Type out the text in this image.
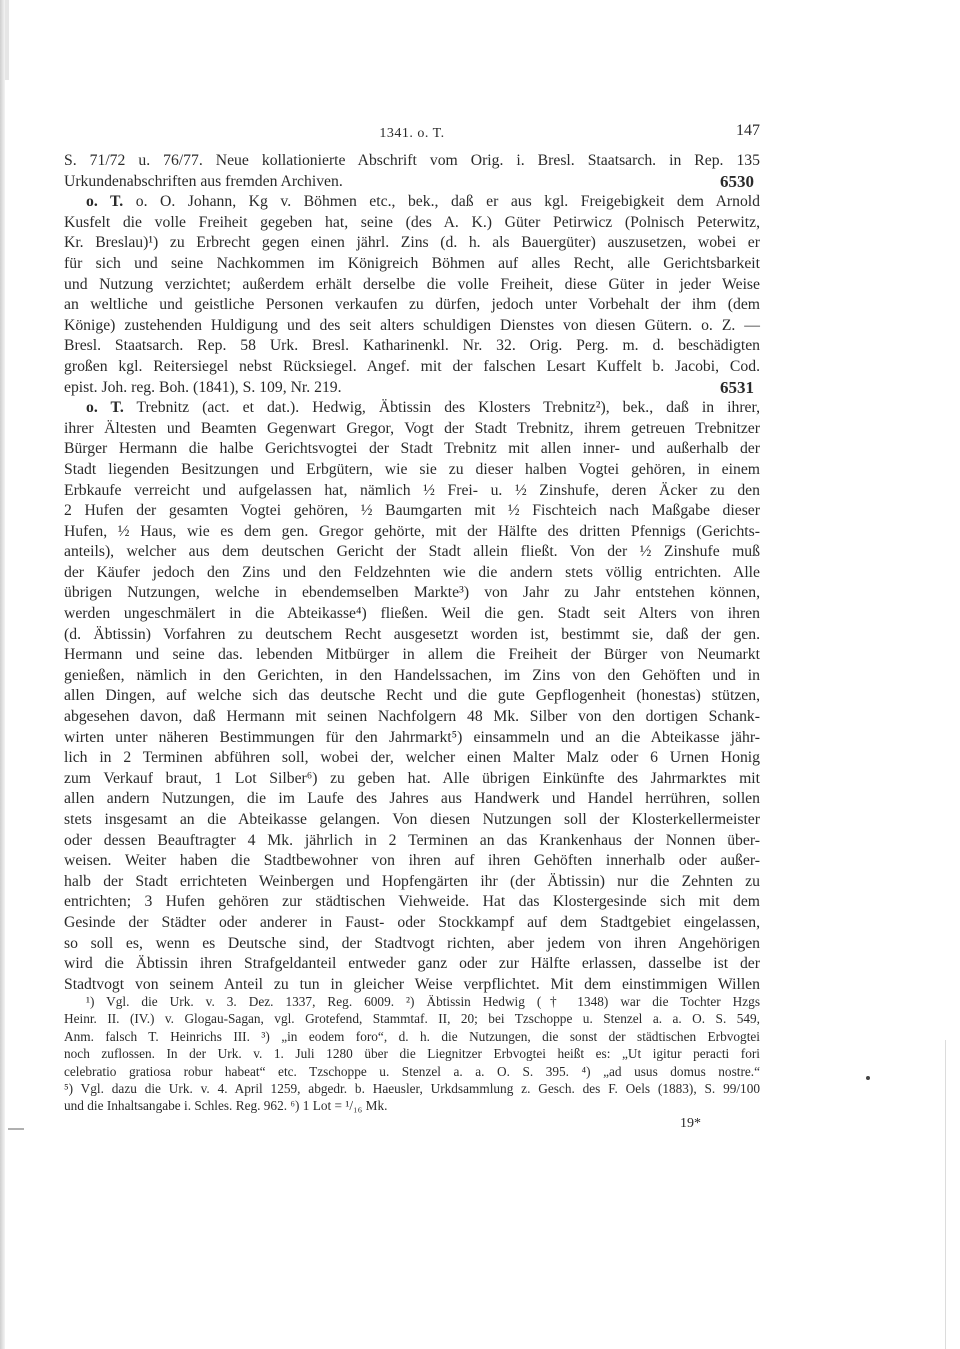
1341. o. T.	147
S. 71/72 u. 76/77. Neue kollationierte Abschrift vom Orig. i. Bresl. Staatsarch. in Rep. 135
Urkundenabschriften aus fremden Archiven.	6530
o. T. o. O. Johann, Kg v. Böhmen etc., bek., daß er aus kgl. Freigebigkeit dem Arnold
Kusfelt die volle Freiheit gegeben hat, seine (des A. K.) Güter Petirwicz (Polnisch Peterwitz,
Kr. Breslau)¹) zu Erbrecht gegen einen jährl. Zins (d. h. als Bauergüter) auszusetzen, wobei er
für sich und seine Nachkommen im Königreich Böhmen auf alles Recht, alle Gerichtsbarkeit
und Nutzung verzichtet; außerdem erhält derselbe die volle Freiheit, diese Güter in jeder Weise
an weltliche und geistliche Personen verkaufen zu dürfen, jedoch unter Vorbehalt der ihm (dem
Könige) zustehenden Huldigung und des seit alters schuldigen Dienstes von diesen Gütern. o. Z. —
Bresl. Staatsarch. Rep. 58 Urk. Bresl. Katharinenkl. Nr. 32. Orig. Perg. m. d. beschädigten
großen kgl. Reitersiegel nebst Rücksiegel. Angef. mit der falschen Lesart Kuffelt b. Jacobi, Cod.
epist. Joh. reg. Boh. (1841), S. 109, Nr. 219.	6531
o. T. Trebnitz (act. et dat.). Hedwig, Äbtissin des Klosters Trebnitz²), bek., daß in ihrer,
ihrer Ältesten und Beamten Gegenwart Gregor, Vogt der Stadt Trebnitz, ihrem getreuen Trebnitzer
Bürger Hermann die halbe Gerichtsvogtei der Stadt Trebnitz mit allen inner- und außerhalb der
Stadt liegenden Besitzungen und Erbgütern, wie sie zu dieser halben Vogtei gehören, in einem
Erbkaufe verreicht und aufgelassen hat, nämlich ½ Frei- u. ½ Zinshufe, deren Äcker zu den
2 Hufen der gesamten Vogtei gehören, ½ Baumgarten mit ½ Fischteich nach Maßgabe dieser
Hufen, ½ Haus, wie es dem gen. Gregor gehörte, mit der Hälfte des dritten Pfennigs (Gerichts-
anteils), welcher aus dem deutschen Gericht der Stadt allein fließt. Von der ½ Zinshufe muß
der Käufer jedoch den Zins und den Feldzehnten wie die andern stets völlig entrichten. Alle
übrigen Nutzungen, welche in ebendemselben Markte³) von Jahr zu Jahr entstehen können,
werden ungeschmälert in die Abteikasse⁴) fließen. Weil die gen. Stadt seit Alters von ihren
(d. Äbtissin) Vorfahren zu deutschem Recht ausgesetzt worden ist, bestimmt sie, daß der gen.
Hermann und seine das. lebenden Mitbürger in allem die Freiheit der Bürger von Neumarkt
genießen, nämlich in den Gerichten, in den Handelssachen, im Zins von den Gehöften und in
allen Dingen, auf welche sich das deutsche Recht und die gute Gepflogenheit (honestas) stützen,
abgesehen davon, daß Hermann mit seinen Nachfolgern 48 Mk. Silber von den dortigen Schank-
wirten unter näheren Bestimmungen für den Jahrmarkt⁵) einsammeln und an die Abteikasse jähr-
lich in 2 Terminen abführen soll, wobei der, welcher einen Malter Malz oder 6 Urnen Honig
zum Verkauf braut, 1 Lot Silber⁶) zu geben hat. Alle übrigen Einkünfte des Jahrmarktes mit
allen andern Nutzungen, die im Laufe des Jahres aus Handwerk und Handel herrühren, sollen
stets insgesamt an die Abteikasse gelangen. Von diesen Nutzungen soll der Klosterkellermeister
oder dessen Beauftragter 4 Mk. jährlich in 2 Terminen an das Krankenhaus der Nonnen über-
weisen. Weiter haben die Stadtbewohner von ihren auf ihren Gehöften innerhalb oder außer-
halb der Stadt errichteten Weinbergen und Hopfengärten ihr (der Äbtissin) nur die Zehnten zu
entrichten; 3 Hufen gehören zur städtischen Viehweide. Hat das Klostergesinde sich mit dem
Gesinde der Städter oder anderer in Faust- oder Stockkampf auf dem Stadtgebiet eingelassen,
so soll es, wenn es Deutsche sind, der Stadtvogt richten, aber jedem von ihren Angehörigen
wird die Äbtissin ihren Strafgeldanteil entweder ganz oder zur Hälfte erlassen, dasselbe ist der
Stadtvogt von seinem Anteil zu tun in gleicher Weise verpflichtet. Mit dem einstimmigen Willen
¹) Vgl. die Urk. v. 3. Dez. 1337, Reg. 6009. ²) Äbtissin Hedwig († 1348) war die Tochter Hzgs
Heinr. II. (IV.) v. Glogau-Sagan, vgl. Grotefend, Stammtaf. II, 20; bei Tzschoppe u. Stenzel a. a. O. S. 549,
Anm. falsch T. Heinrichs III. ³) „in eodem foro“, d. h. die Nutzungen, die sonst der städtischen Erbvogtei
noch zuflossen. In der Urk. v. 1. Juli 1280 über die Liegnitzer Erbvogtei heißt es: „Ut igitur peracti fori
celebratio gratiosa robur habeat“ etc. Tzschoppe u. Stenzel a. a. O. S. 395. ⁴) „ad usus domus nostre.“
⁵) Vgl. dazu die Urk. v. 4. April 1259, abgedr. b. Haeusler, Urkdsammlung z. Gesch. des F. Oels (1883), S. 99/100
und die Inhaltsangabe i. Schles. Reg. 962. ⁶) 1 Lot = ¹/₁₆ Mk.
19*
